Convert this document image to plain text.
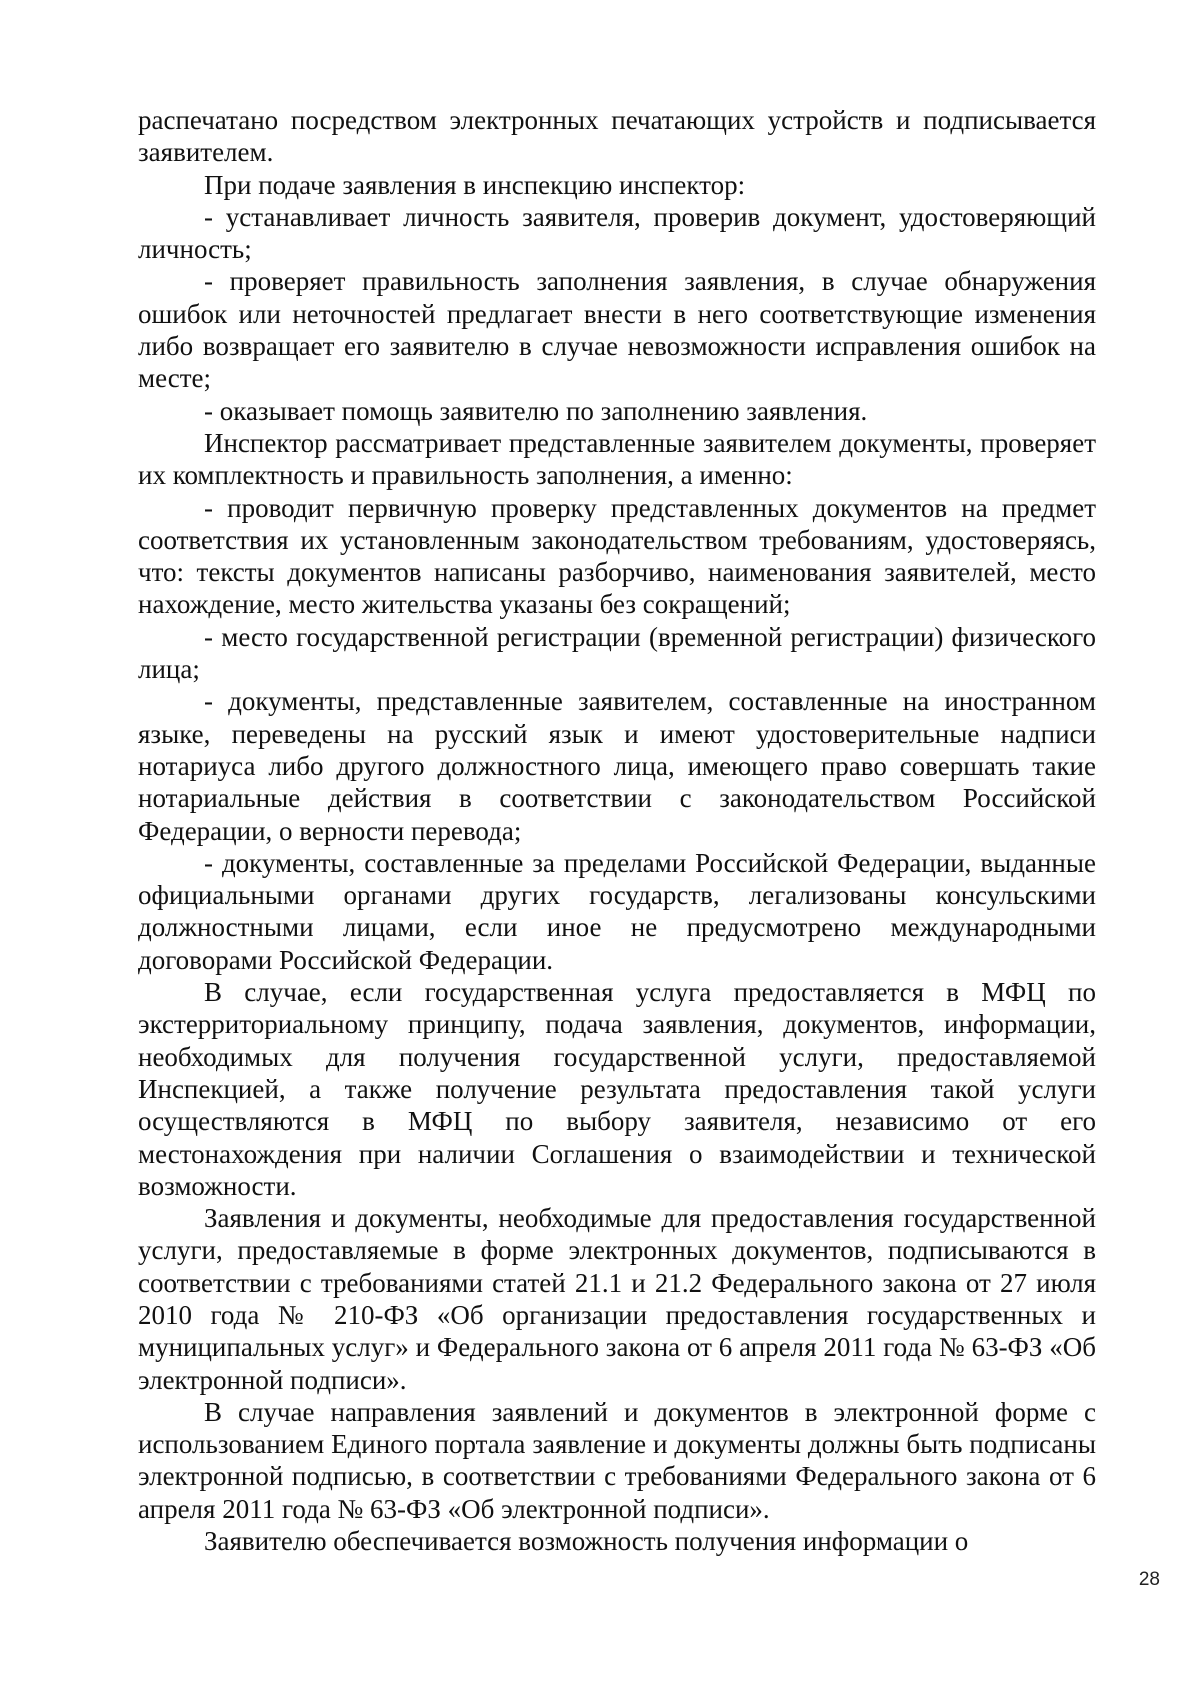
распечатано посредством электронных печатающих устройств и подписывается заявителем.

При подаче заявления в инспекцию инспектор:

- устанавливает личность заявителя, проверив документ, удостоверяющий личность;

- проверяет правильность заполнения заявления, в случае обнаружения ошибок или неточностей предлагает внести в него соответствующие изменения либо возвращает его заявителю в случае невозможности исправления ошибок на месте;

- оказывает помощь заявителю по заполнению заявления.

Инспектор рассматривает представленные заявителем документы, проверяет их комплектность и правильность заполнения, а именно:

- проводит первичную проверку представленных документов на предмет соответствия их установленным законодательством требованиям, удостоверяясь, что: тексты документов написаны разборчиво, наименования заявителей, место нахождение, место жительства указаны без сокращений;

- место государственной регистрации (временной регистрации) физического лица;

- документы, представленные заявителем, составленные на иностранном языке, переведены на русский язык и имеют удостоверительные надписи нотариуса либо другого должностного лица, имеющего право совершать такие нотариальные действия в соответствии с законодательством Российской Федерации, о верности перевода;

- документы, составленные за пределами Российской Федерации, выданные официальными органами других государств, легализованы консульскими должностными лицами, если иное не предусмотрено международными договорами Российской Федерации.

В случае, если государственная услуга предоставляется в МФЦ по экстерриториальному принципу, подача заявления, документов, информации, необходимых для получения государственной услуги, предоставляемой Инспекцией, а также получение результата предоставления такой услуги осуществляются в МФЦ по выбору заявителя, независимо от его местонахождения при наличии Соглашения о взаимодействии и технической возможности.

Заявления и документы, необходимые для предоставления государственной услуги, предоставляемые в форме электронных документов, подписываются в соответствии с требованиями статей 21.1 и 21.2 Федерального закона от 27 июля 2010 года № 210-ФЗ «Об организации предоставления государственных и муниципальных услуг» и Федерального закона от 6 апреля 2011 года № 63-ФЗ «Об электронной подписи».

В случае направления заявлений и документов в электронной форме с использованием Единого портала заявление и документы должны быть подписаны электронной подписью, в соответствии с требованиями Федерального закона от 6 апреля 2011 года № 63-ФЗ «Об электронной подписи».

Заявителю обеспечивается возможность получения информации о

28
